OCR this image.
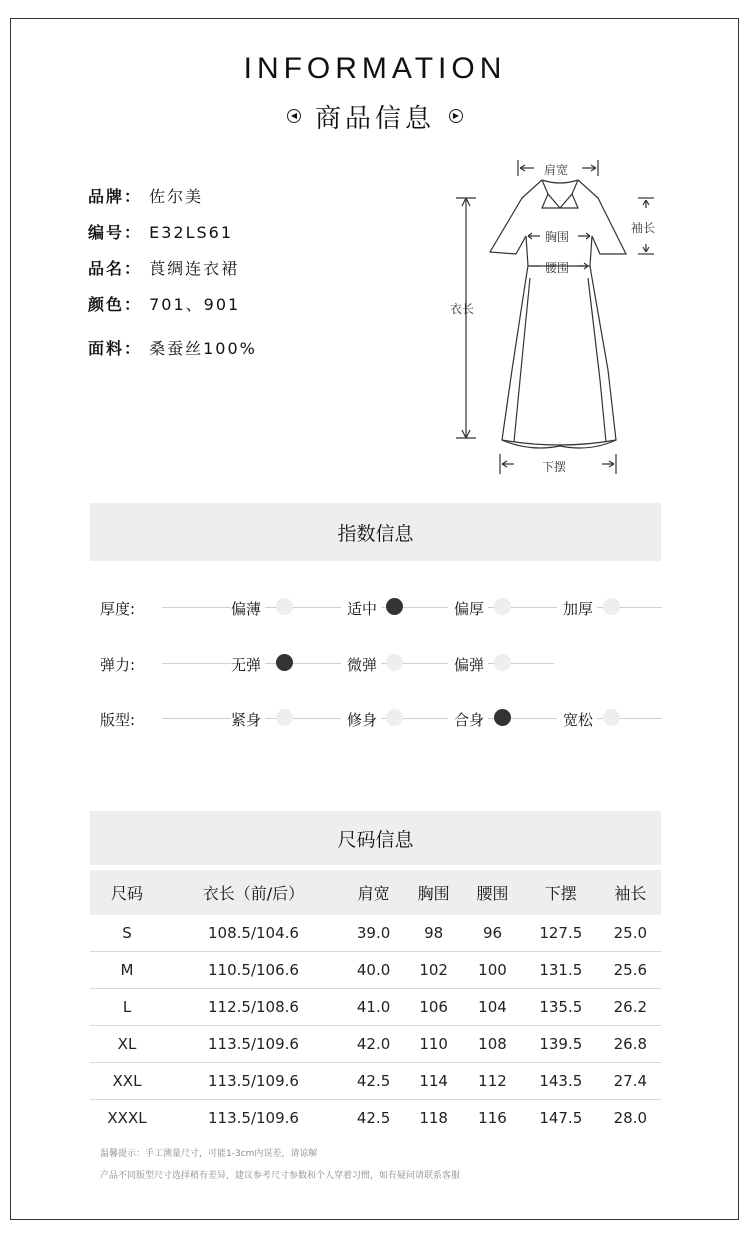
INFORMATION
◀ 商品信息 ▶
品牌： 佐尔美
编号： E32LS61
品名： 莨绸连衣裙
颜色： 701、901
面料： 桑蚕丝100%
肩宽
袖长
胸围
腰围
衣长
下摆
指数信息
厚度:	偏薄	适中	偏厚	加厚
弹力:	无弹	微弹	偏弹
版型:	紧身	修身	合身	宽松
尺码信息
尺码	衣长（前/后）	肩宽	胸围	腰围	下摆	袖长
S	108.5/104.6	39.0	98	96	127.5	25.0
M	110.5/106.6	40.0	102	100	131.5	25.6
L	112.5/108.6	41.0	106	104	135.5	26.2
XL	113.5/109.6	42.0	110	108	139.5	26.8
XXL	113.5/109.6	42.5	114	112	143.5	27.4
XXXL	113.5/109.6	42.5	118	116	147.5	28.0
温馨提示：手工测量尺寸，可能1-3cm内误差，请谅解
产品不同版型尺寸选择稍有差异，建议参考尺寸参数和个人穿着习惯，如有疑问请联系客服
